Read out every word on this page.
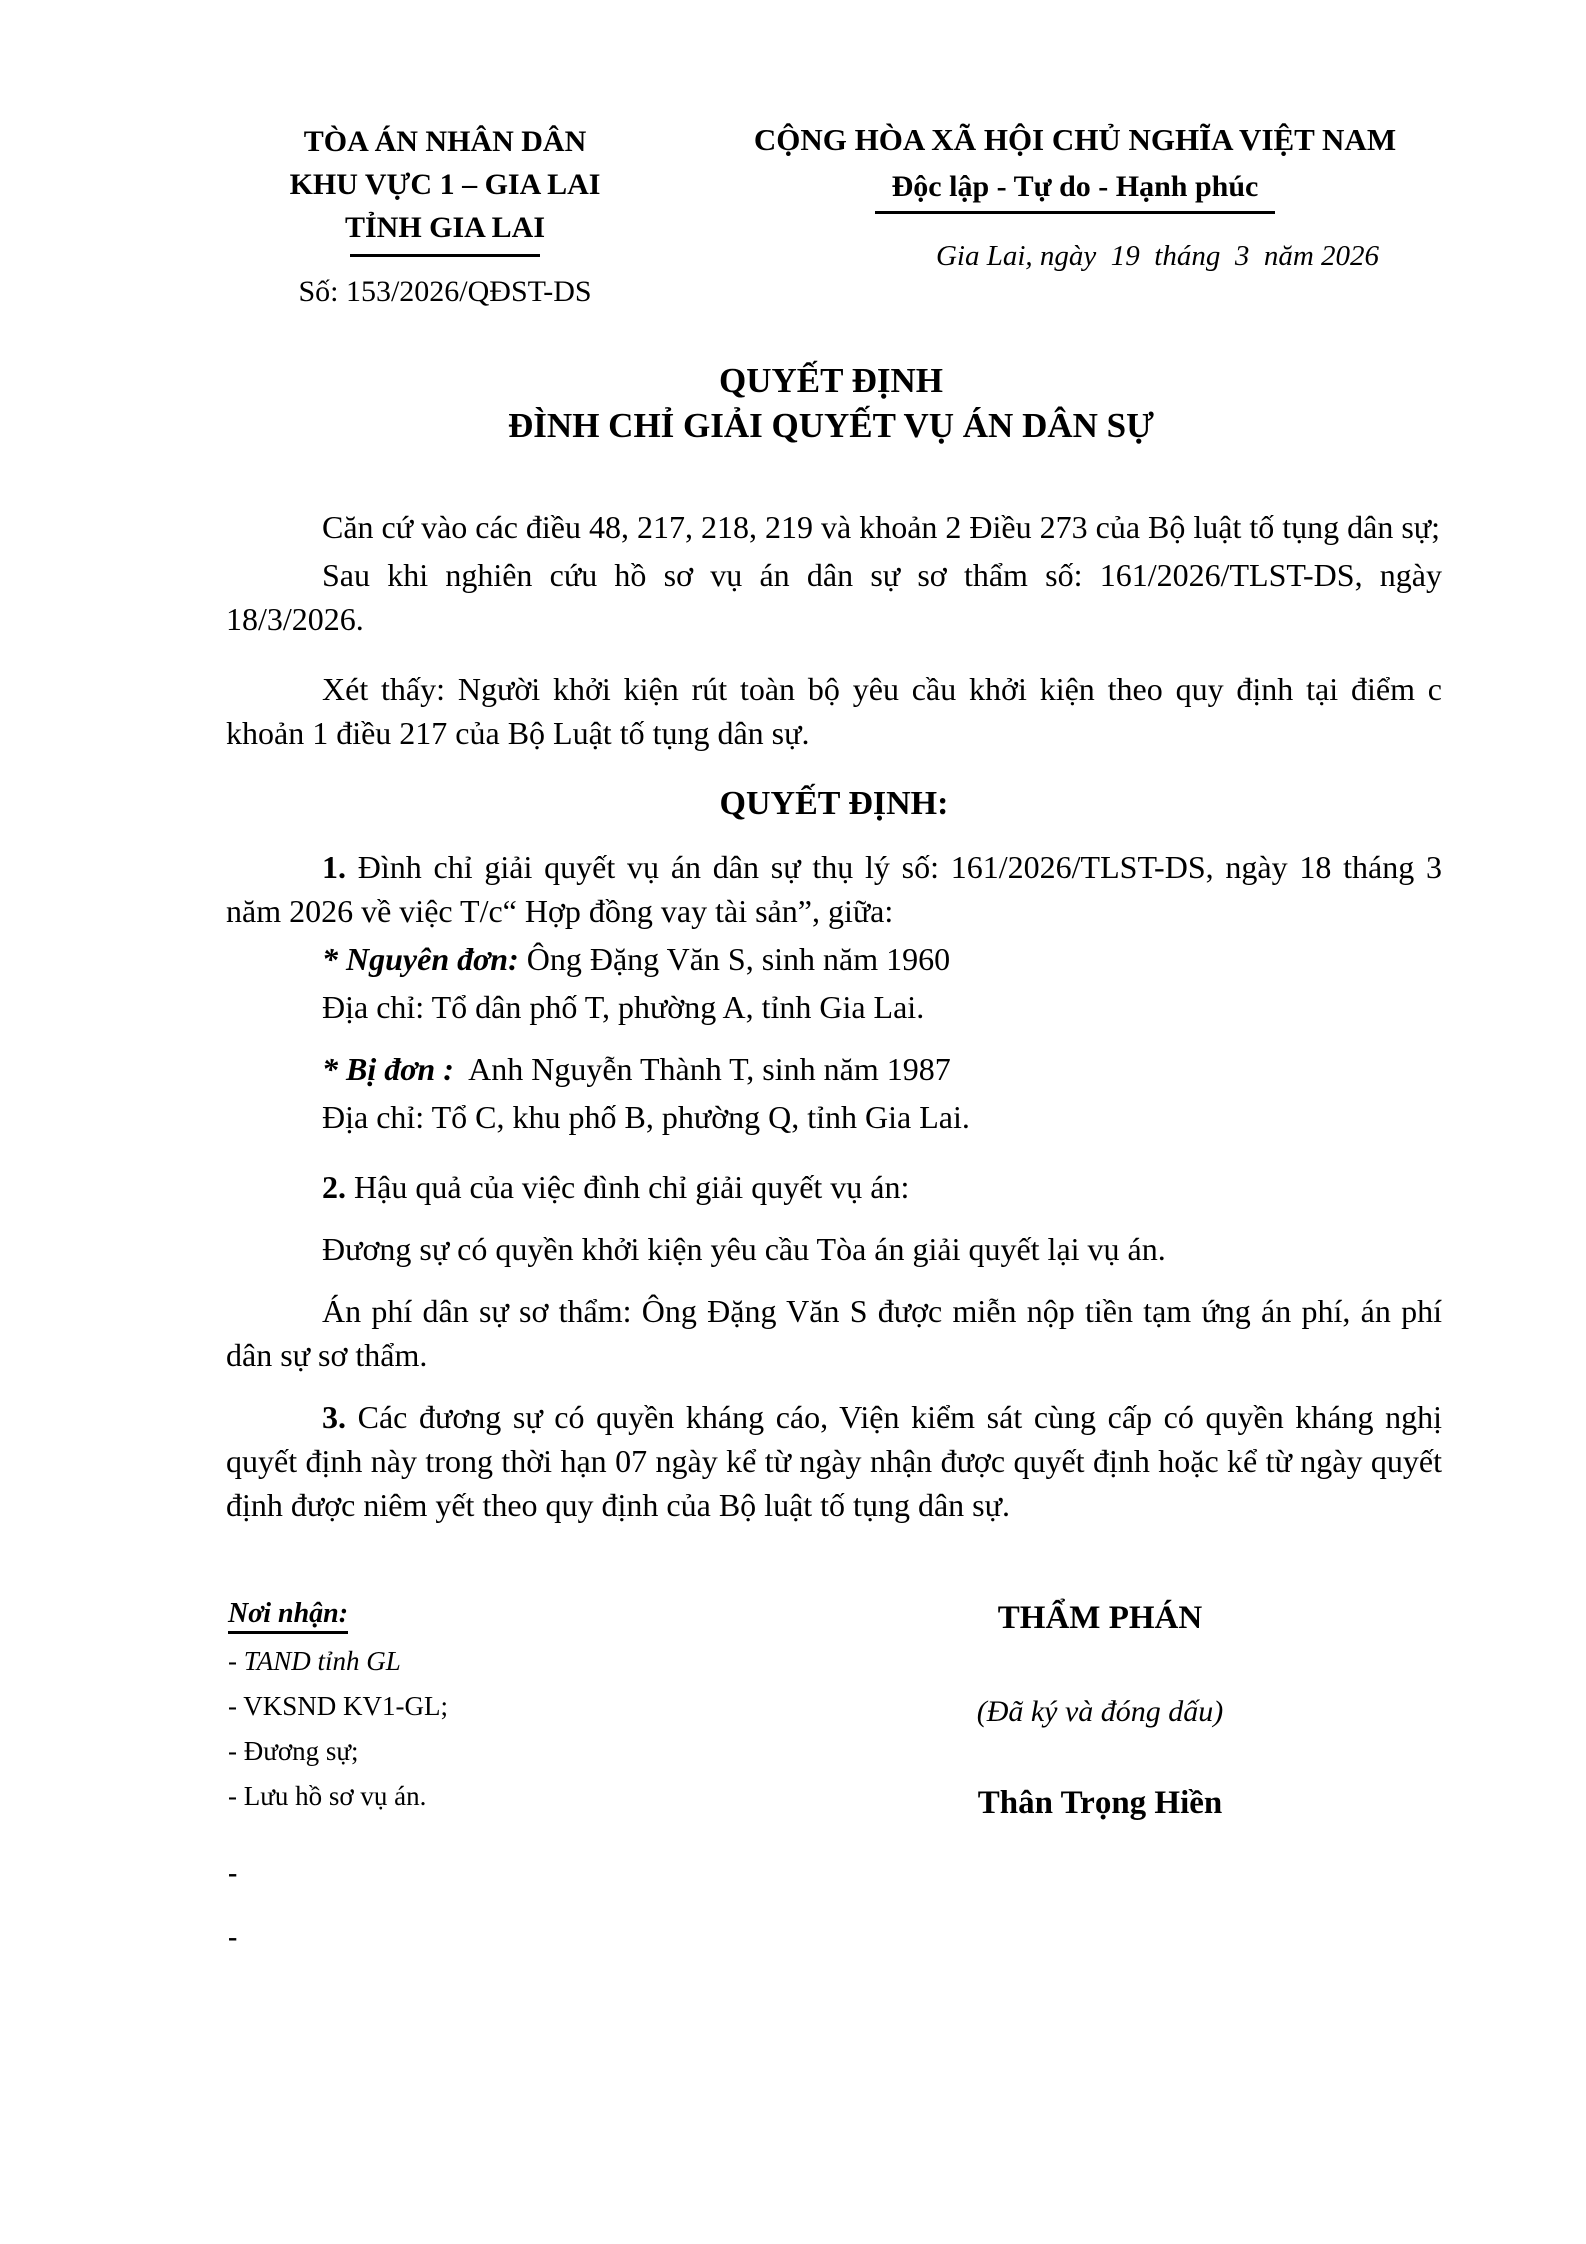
TÒA ÁN NHÂN DÂN
KHU VỰC 1 – GIA LAI
TỈNH GIA LAI
Số: 153/2026/QĐST-DS
CỘNG HÒA XÃ HỘI CHỦ NGHĨA VIỆT NAM
Độc lập - Tự do - Hạnh phúc
Gia Lai, ngày  19  tháng  3  năm 2026
QUYẾT ĐỊNH
ĐÌNH CHỈ GIẢI QUYẾT VỤ ÁN DÂN SỰ

Căn cứ vào các điều 48, 217, 218, 219 và khoản 2 Điều 273 của Bộ luật tố tụng dân sự;

Sau khi nghiên cứu hồ sơ vụ án dân sự sơ thẩm số: 161/2026/TLST-DS, ngày 18/3/2026.

Xét thấy: Người khởi kiện rút toàn bộ yêu cầu khởi kiện theo quy định tại điểm c khoản 1 điều 217 của Bộ Luật tố tụng dân sự.

QUYẾT ĐỊNH:

1. Đình chỉ giải quyết vụ án dân sự thụ lý số: 161/2026/TLST-DS, ngày 18 tháng 3 năm 2026 về việc T/c“ Hợp đồng vay tài sản”, giữa:

* Nguyên đơn: Ông Đặng Văn S, sinh năm 1960

Địa chỉ: Tổ dân phố T, phường A, tỉnh Gia Lai.

* Bị đơn : Anh Nguyễn Thành T, sinh năm 1987

Địa chỉ: Tổ C, khu phố B, phường Q, tỉnh Gia Lai.

2. Hậu quả của việc đình chỉ giải quyết vụ án:

Đương sự có quyền khởi kiện yêu cầu Tòa án giải quyết lại vụ án.

Án phí dân sự sơ thẩm: Ông Đặng Văn S được miễn nộp tiền tạm ứng án phí, án phí dân sự sơ thẩm.

3. Các đương sự có quyền kháng cáo, Viện kiểm sát cùng cấp có quyền kháng nghị quyết định này trong thời hạn 07 ngày kể từ ngày nhận được quyết định hoặc kể từ ngày quyết định được niêm yết theo quy định của Bộ luật tố tụng dân sự.

Nơi nhận:
- TAND tỉnh GL
- VKSND KV1-GL;
- Đương sự;
- Lưu hồ sơ vụ án.
THẨM PHÁN
(Đã ký và đóng dấu)
Thân Trọng Hiền
-
-
